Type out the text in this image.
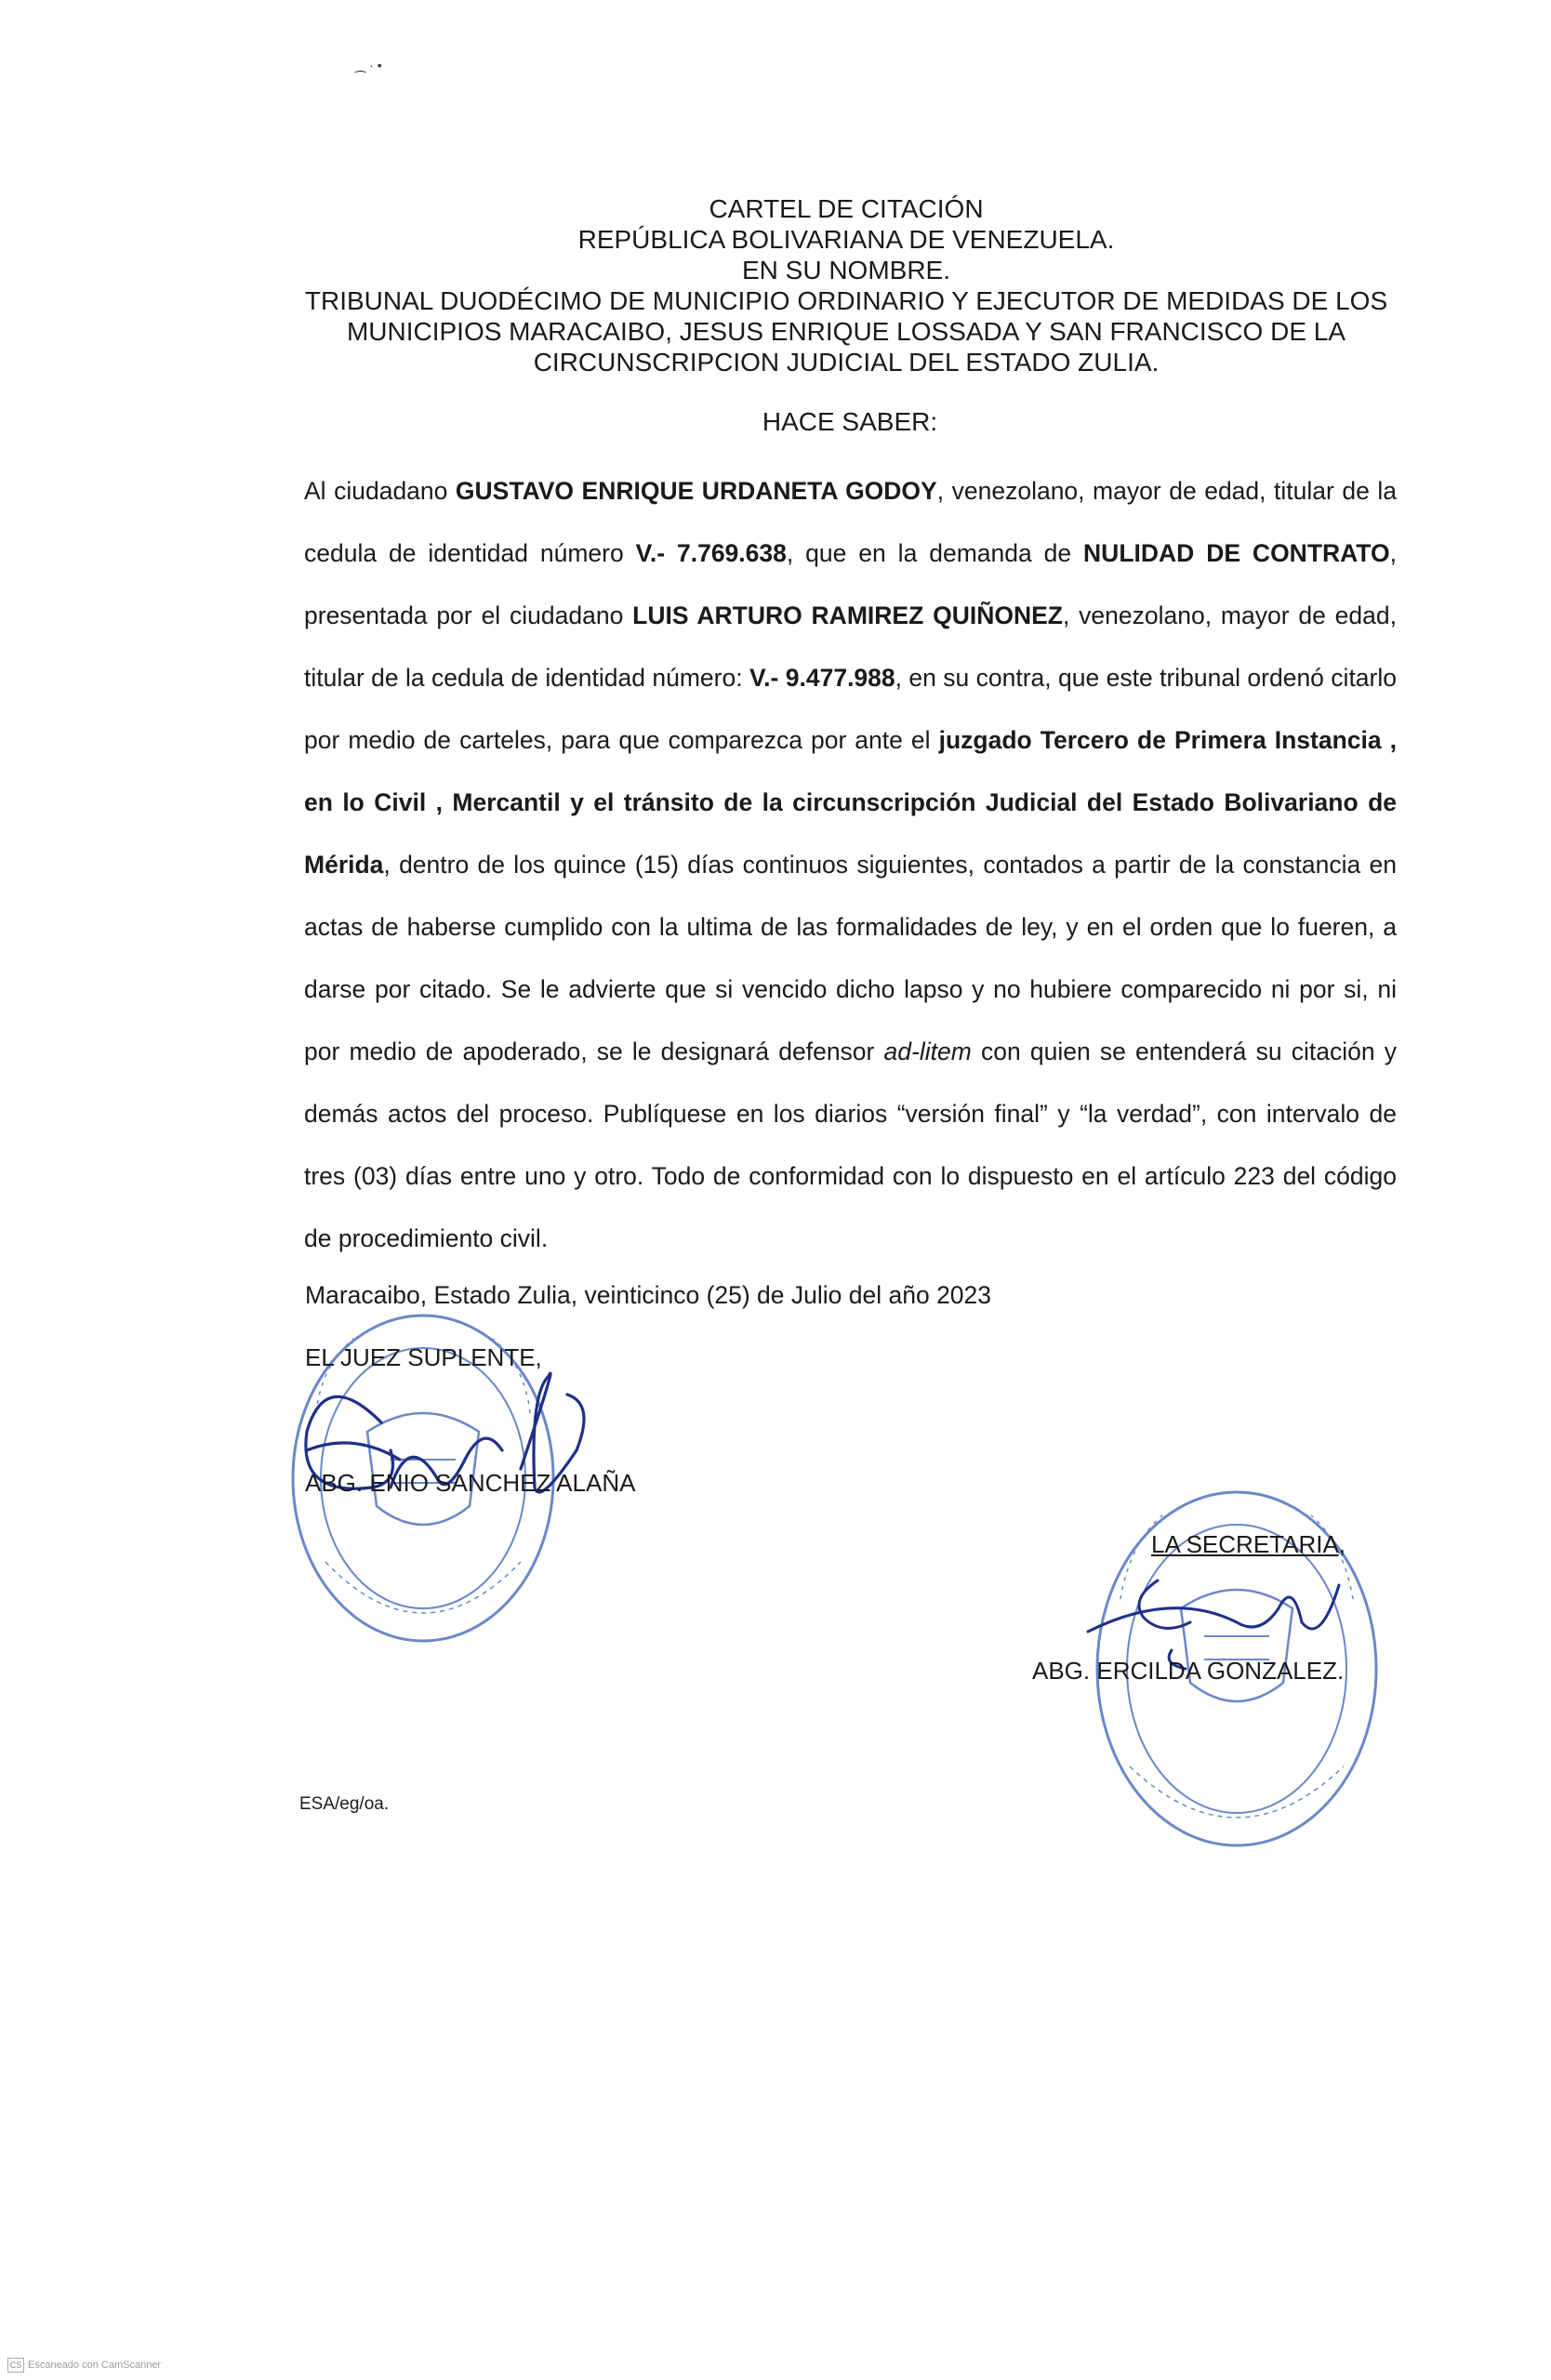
⁔ · •
CARTEL DE CITACIÓN
REPÚBLICA BOLIVARIANA DE VENEZUELA.
EN SU NOMBRE.
TRIBUNAL DUODÉCIMO DE MUNICIPIO ORDINARIO Y EJECUTOR DE MEDIDAS DE LOS
MUNICIPIOS MARACAIBO, JESUS ENRIQUE LOSSADA Y SAN FRANCISCO DE LA
CIRCUNSCRIPCION JUDICIAL DEL ESTADO ZULIA.
HACE SABER:
Al ciudadano GUSTAVO ENRIQUE URDANETA GODOY, venezolano, mayor de edad, titular de la cedula de identidad número V.- 7.769.638, que en la demanda de NULIDAD DE CONTRATO, presentada por el ciudadano LUIS ARTURO RAMIREZ QUIÑONEZ, venezolano, mayor de edad, titular de la cedula de identidad número: V.- 9.477.988, en su contra, que este tribunal ordenó citarlo por medio de carteles, para que comparezca por ante el juzgado Tercero de Primera Instancia , en lo Civil , Mercantil y el tránsito de la circunscripción Judicial del Estado Bolivariano de Mérida, dentro de los quince (15) días continuos siguientes, contados a partir de la constancia en actas de haberse cumplido con la ultima de las formalidades de ley, y en el orden que lo fueren, a darse por citado. Se le advierte que si vencido dicho lapso y no hubiere comparecido ni por si, ni por medio de apoderado, se le designará defensor ad-litem con quien se entenderá su citación y demás actos del proceso. Publíquese en los diarios “versión final” y “la verdad”, con intervalo de tres (03) días entre uno y otro. Todo de conformidad con lo dispuesto en el artículo 223 del código de procedimiento civil.
Maracaibo, Estado Zulia, veinticinco (25) de Julio del año 2023
EL JUEZ SUPLENTE,
ABG. ENIO SANCHEZ ALAÑA
LA SECRETARIA,
ABG. ERCILDA GONZALEZ.
ESA/eg/oa.
CS Escaneado con CamScanner
